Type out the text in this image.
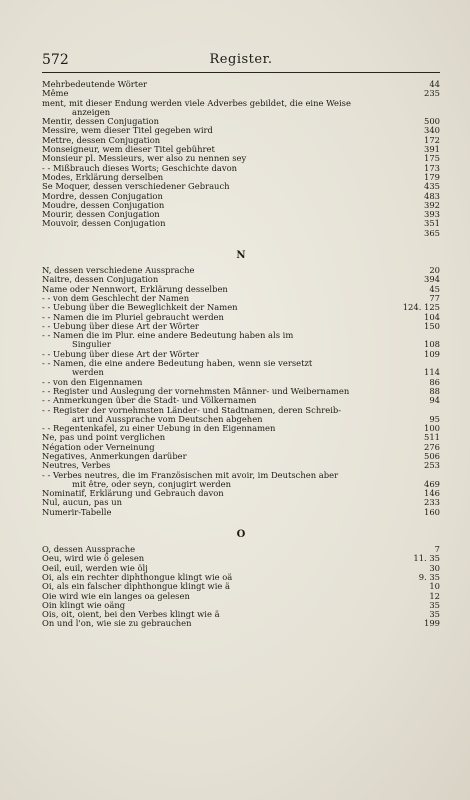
572	Register.
Mehrbedeutende Wörter	44
Même	235
ment, mit dieser Endung werden viele Adverbes gebildet, die eine Weise
anzeigen
Mentir, dessen Conjugation	500
Messire, wem dieser Titel gegeben wird	340
Mettre, dessen Conjugation	172
Monseigneur, wem dieser Titel gebühret	391
Monsieur pl. Messieurs, wer also zu nennen sey	175
- - Mißbrauch dieses Worts; Geschichte davon	173
Modes, Erklärung derselben	179
Se Moquer, dessen verschiedener Gebrauch	435
Mordre, dessen Conjugation	483
Moudre, dessen Conjugation	392
Mourir, dessen Conjugation	393
Mouvoir, dessen Conjugation	351
365
N
N, dessen verschiedene Aussprache	20
Naitre, dessen Conjugation	394
Name oder Nennwort, Erklärung desselben	45
- - von dem Geschlecht der Namen	77
- - Uebung über die Beweglichkeit der Namen	124. 125
- - Namen die im Pluriel gebraucht werden	104
- - Uebung über diese Art der Wörter	150
- - Namen die im Plur. eine andere Bedeutung haben als im
Singulier	108
- - Uebung über diese Art der Wörter	109
- - Namen, die eine andere Bedeutung haben, wenn sie versetzt
werden	114
- - von den Eigennamen	86
- - Register und Auslegung der vornehmsten Männer- und Weibernamen	88
- - Anmerkungen über die Stadt- und Völkernamen	94
- - Register der vornehmsten Länder- und Stadtnamen, deren Schreib-
art und Aussprache vom Deutschen abgehen	95
- - Regentenkafel, zu einer Uebung in den Eigennamen	100
Ne, pas und point verglichen	511
Négation oder Verneinung	276
Negatives, Anmerkungen darüber	506
Neutres, Verbes	253
- - Verbes neutres, die im Französischen mit avoir, im Deutschen aber
mit être, oder seyn, conjugirt werden	469
Nominatif, Erklärung und Gebrauch davon	146
Nul, aucun, pas un	233
Numerir-Tabelle	160
O
O, dessen Aussprache	7
Oeu, wird wie ö gelesen	11. 35
Oeil, euil, werden wie ölj	30
Oi, als ein rechter diphthongue klingt wie oä	9. 35
Oi, als ein falscher diphthongue klingt wie ä	10
Oie wird wie ein langes oa gelesen	12
Oin klingt wie oäng	35
Ois, oit, oient, bei den Verbes klingt wie ä	35
On und l'on, wie sie zu gebrauchen	199
